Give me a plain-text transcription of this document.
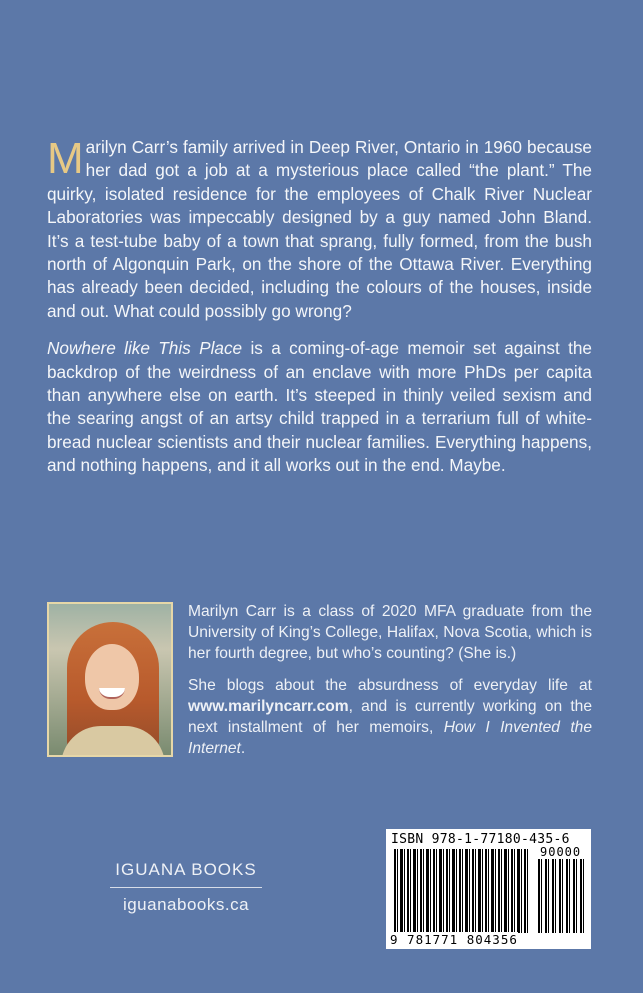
Marilyn Carr’s family arrived in Deep River, Ontario in 1960 because her dad got a job at a mysterious place called “the plant.” The quirky, isolated residence for the employees of Chalk River Nuclear Laboratories was impeccably designed by a guy named John Bland. It’s a test-tube baby of a town that sprang, fully formed, from the bush north of Algonquin Park, on the shore of the Ottawa River. Everything has already been decided, including the colours of the houses, inside and out. What could possibly go wrong?

Nowhere like This Place is a coming-of-age memoir set against the backdrop of the weirdness of an enclave with more PhDs per capita than anywhere else on earth. It’s steeped in thinly veiled sexism and the searing angst of an artsy child trapped in a terrarium full of white-bread nuclear scientists and their nuclear families. Everything happens, and nothing happens, and it all works out in the end. Maybe.

Marilyn Carr is a class of 2020 MFA graduate from the University of King’s College, Halifax, Nova Scotia, which is her fourth degree, but who’s counting? (She is.)

She blogs about the absurdness of everyday life at www.marilyncarr.com, and is currently working on the next installment of her memoirs, How I Invented the Internet.

IGUANA BOOKS
iguanabooks.ca
ISBN 978-1-77180-435-6
90000
9 781771 804356
